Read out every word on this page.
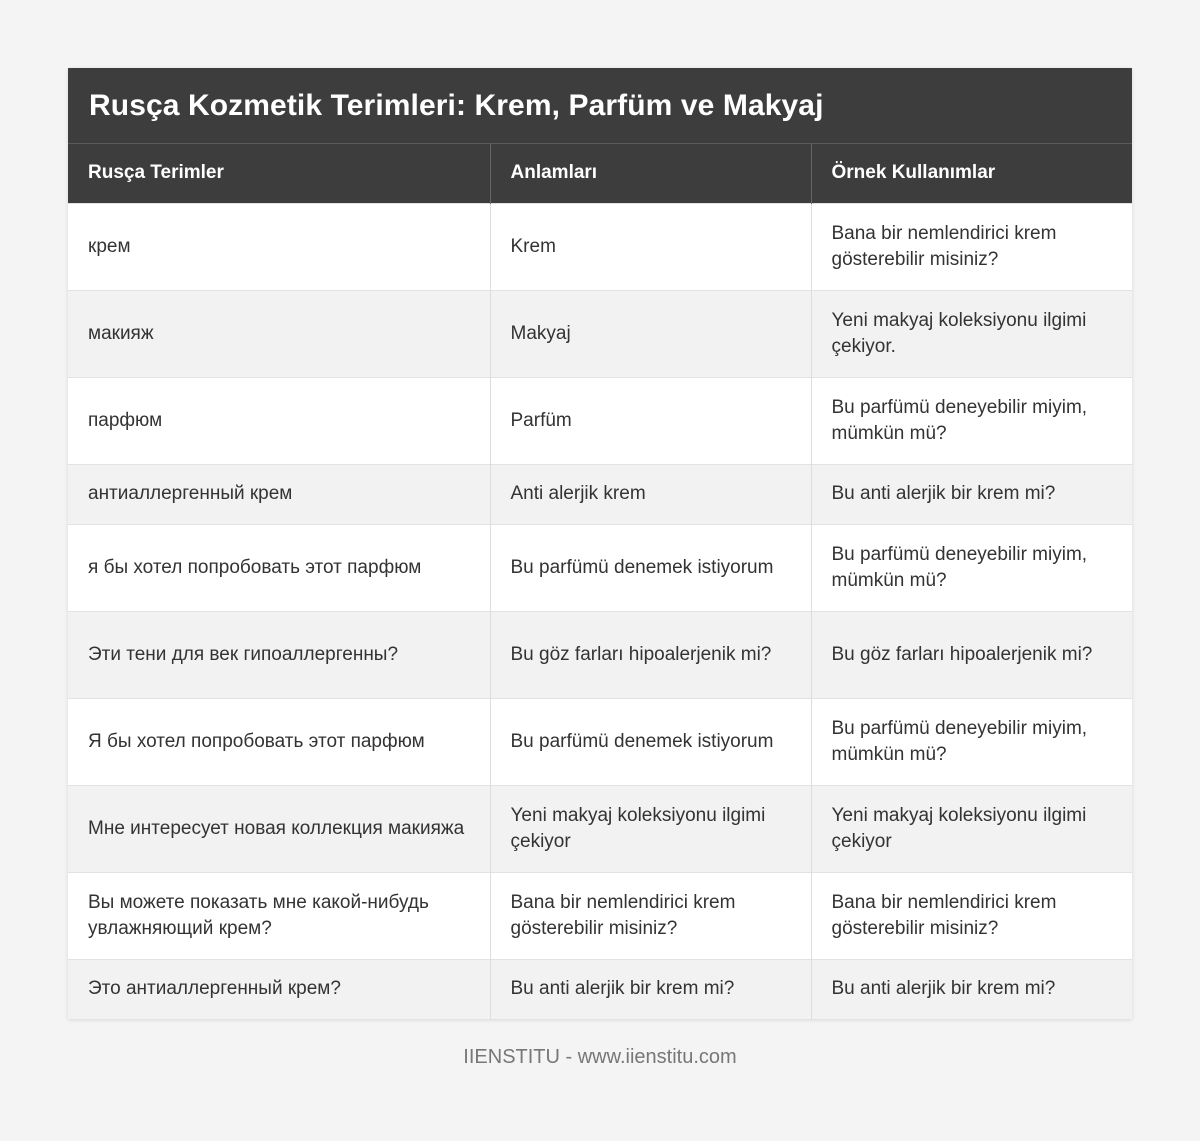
Rusça Kozmetik Terimleri: Krem, Parfüm ve Makyaj
Rusça Terimler	Anlamları	Örnek Kullanımlar
крем	Krem	Bana bir nemlendirici krem gösterebilir misiniz?
макияж	Makyaj	Yeni makyaj koleksiyonu ilgimi çekiyor.
парфюм	Parfüm	Bu parfümü deneyebilir miyim, mümkün mü?
антиаллергенный крем	Anti alerjik krem	Bu anti alerjik bir krem mi?
я бы хотел попробовать этот парфюм	Bu parfümü denemek istiyorum	Bu parfümü deneyebilir miyim, mümkün mü?
Эти тени для век гипоаллергенны?	Bu göz farları hipoalerjenik mi?	Bu göz farları hipoalerjenik mi?
Я бы хотел попробовать этот парфюм	Bu parfümü denemek istiyorum	Bu parfümü deneyebilir miyim, mümkün mü?
Мне интересует новая коллекция макияжа	Yeni makyaj koleksiyonu ilgimi çekiyor	Yeni makyaj koleksiyonu ilgimi çekiyor
Вы можете показать мне какой-нибудь увлажняющий крем?	Bana bir nemlendirici krem gösterebilir misiniz?	Bana bir nemlendirici krem gösterebilir misiniz?
Это антиаллергенный крем?	Bu anti alerjik bir krem mi?	Bu anti alerjik bir krem mi?
IIENSTITU - www.iienstitu.com
